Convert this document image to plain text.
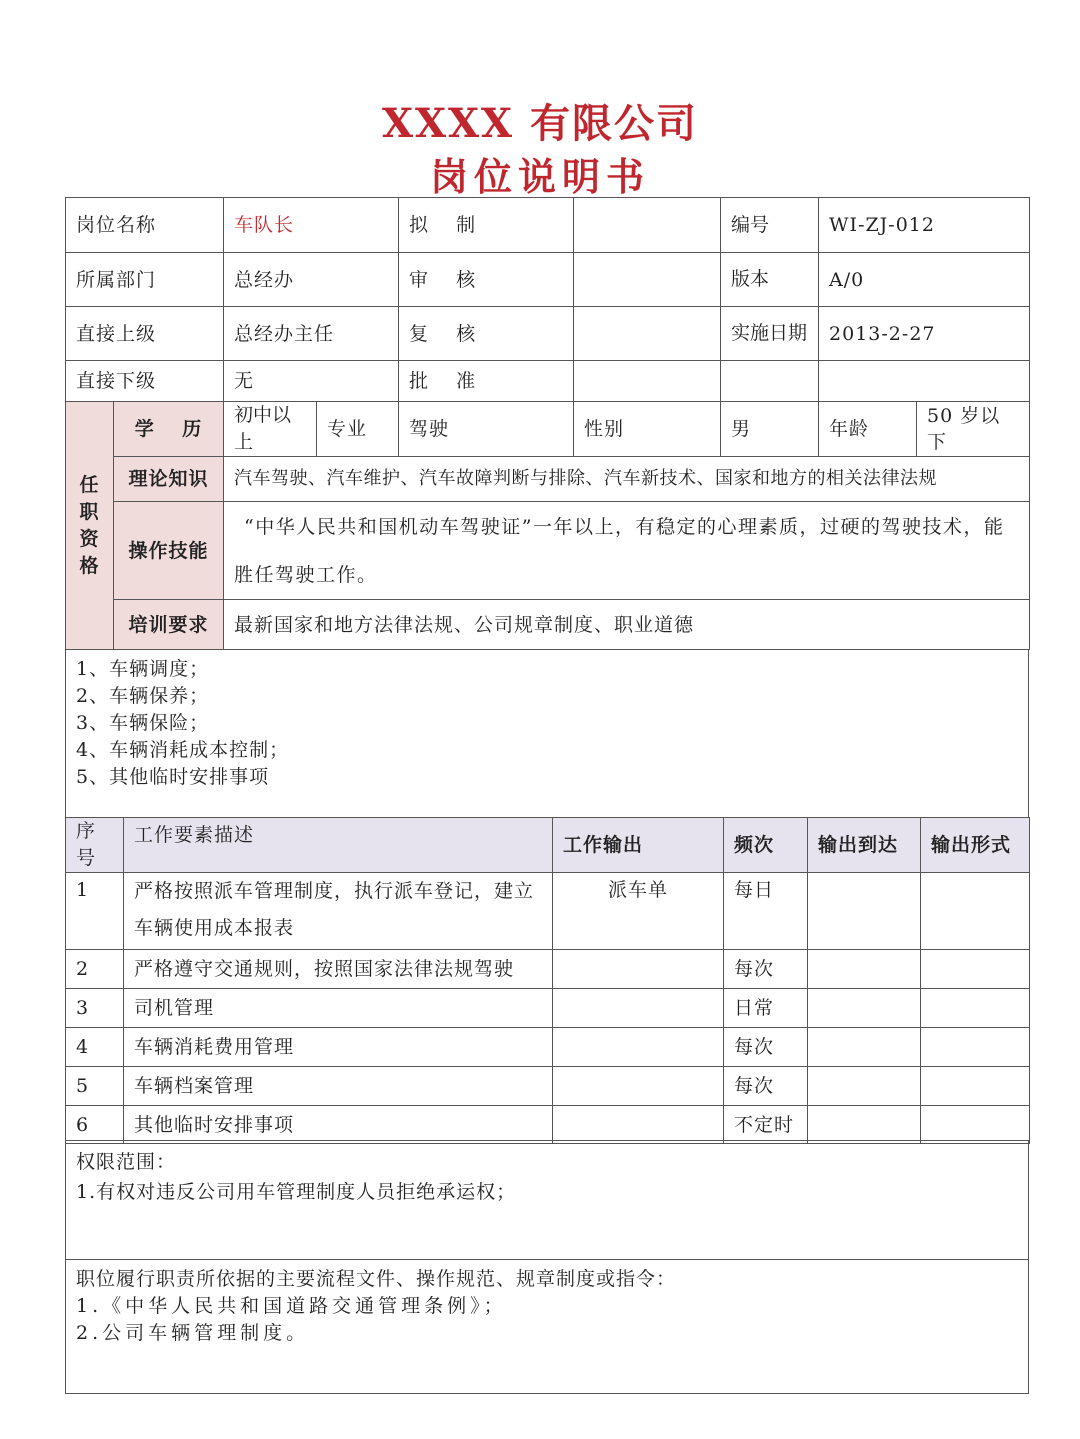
XXXX 有限公司
岗位说明书
岗位名称		车队长		拟　 制		编号	WI-ZJ-012	
所属部门		总经办		审　 核		版本	A/0	
直接上级		总经办主任		复　 核		实施日期	2013-2-27	
直接下级		无		批　 准				
任职资格	学　 历	初中以上	专业	驾驶	性别	男	年龄	50 岁以下
	理论知识	汽车驾驶、汽车维护、汽车故障判断与排除、汽车新技术、国家和地方的相关法律法规						
	操作技能	“中华人民共和国机动车驾驶证”一年以上，有稳定的心理素质，过硬的驾驶技术，能胜任驾驶工作。						
	培训要求	最新国家和地方法律法规、公司规章制度、职业道德						
1、车辆调度；
2、车辆保养；
3、车辆保险；
4、车辆消耗成本控制；
5、其他临时安排事项
序号	工作要素描述	工作输出	频次	输出到达	输出形式
1	严格按照派车管理制度，执行派车登记，建立车辆使用成本报表	派车单	每日		
2	严格遵守交通规则，按照国家法律法规驾驶		每次		
3	司机管理		日常		
4	车辆消耗费用管理		每次		
5	车辆档案管理		每次		
6	其他临时安排事项		不定时		
权限范围：
1.有权对违反公司用车管理制度人员拒绝承运权；

职位履行职责所依据的主要流程文件、操作规范、规章制度或指令：
1.《中华人民共和国道路交通管理条例》；
2.公司车辆管理制度。
